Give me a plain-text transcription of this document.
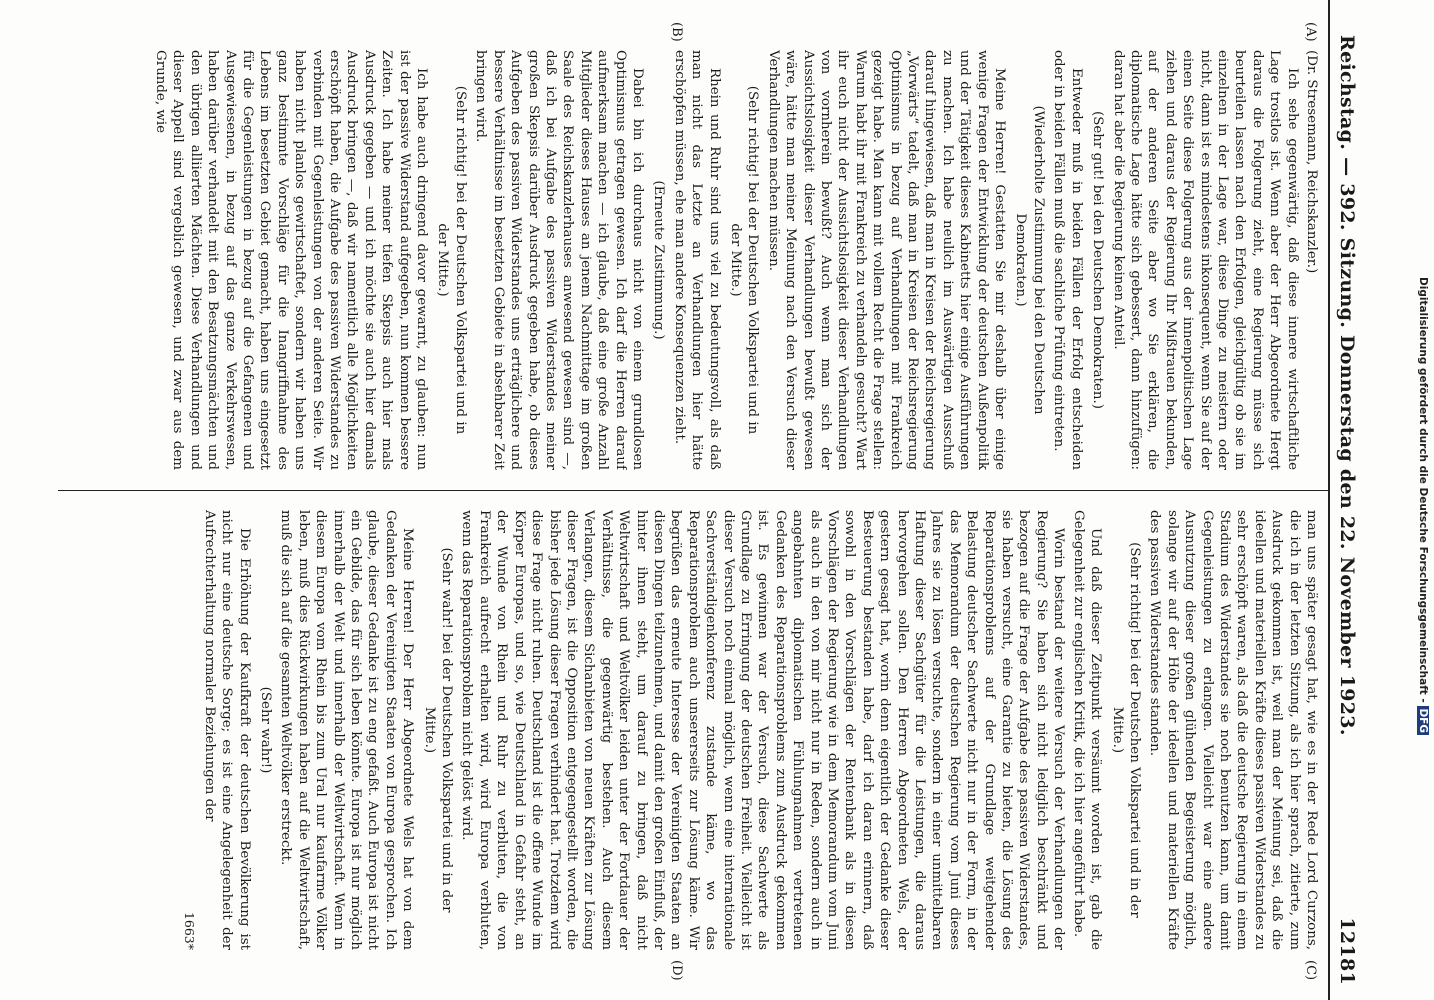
Reichstag. — 392. Sitzung. Donnerstag den 22. November 1923.
12181
(A)
(B)
(C)
(D)

(Dr. Stresemann, Reichskanzler.)

Ich sehe gegenwärtig, daß diese innere wirtschaftliche Lage trostlos ist. Wenn aber der Herr Abgeordnete Hergt daraus die Folgerung zieht, eine Regierung müsse sich beurteilen lassen nach den Erfolgen, gleichgültig ob sie im einzelnen in der Lage war, diese Dinge zu meistern oder nicht, dann ist es mindestens inkonsequent, wenn Sie auf der einen Seite diese Folgerung aus der innenpolitischen Lage ziehen und daraus der Regierung Ihr Mißtrauen bekunden, auf der anderen Seite aber wo Sie erklären, die diplomatische Lage hätte sich gebessert, dann hinzufügen: daran hat aber die Regierung keinen Anteil.

(Sehr gut! bei den Deutschen Demokraten.)

Entweder muß in beiden Fällen der Erfolg entscheiden oder in beiden Fällen muß die sachliche Prüfung eintreten.

(Wiederholte Zustimmung bei den Deutschen Demokraten.)

Meine Herren! Gestatten Sie mir deshalb über einige wenige Fragen der Entwicklung der deutschen Außenpolitik und der Tätigkeit dieses Kabinetts hier einige Ausführungen zu machen. Ich habe neulich im Auswärtigen Ausschuß darauf hingewiesen, daß man in Kreisen der Reichsregierung „Vorwärts“ tadelt, daß man in Kreisen der Reichsregierung Optimismus in bezug auf Verhandlungen mit Frankreich gezeigt habe. Man kann mit vollem Recht die Frage stellen: Warum habt ihr mit Frankreich zu verhandeln gesucht? Wart ihr euch nicht der Aussichtslosigkeit dieser Verhandlungen von vornherein bewußt? Auch wenn man sich der Aussichtslosigkeit dieser Verhandlungen bewußt gewesen wäre, hätte man meiner Meinung nach den Versuch dieser Verhandlungen machen müssen.

(Sehr richtig! bei der Deutschen Volkspartei und in der Mitte.)

Rhein und Ruhr sind uns viel zu bedeutungsvoll, als daß man nicht das Letzte an Verhandlungen hier hätte erschöpfen müssen, ehe man andere Konsequenzen zieht.

(Erneute Zustimmung.)

Dabei bin ich durchaus nicht von einem grundlosen Optimismus getragen gewesen. Ich darf die Herren darauf aufmerksam machen — ich glaube, daß eine große Anzahl Mitglieder dieses Hauses an jenem Nachmittage im großen Saale des Reichskanzlerhauses anwesend gewesen sind —, daß ich bei Aufgabe des passiven Widerstandes meiner großen Skepsis darüber Ausdruck gegeben habe, ob dieses Aufgeben des passiven Widerstandes uns erträglichere und bessere Verhältnisse im besetzten Gebiete in absehbarer Zeit bringen wird.

(Sehr richtig! bei der Deutschen Volkspartei und in der Mitte.)

Ich habe auch dringend davor gewarnt, zu glauben: nun ist der passive Widerstand aufgegeben, nun kommen bessere Zeiten. Ich habe meiner tiefen Skepsis auch hier mals Ausdruck gegeben — und ich möchte sie auch hier damals Ausdruck bringen —, daß wir namentlich alle Möglichkeiten erschöpft haben, die Aufgabe des passiven Widerstandes zu verbinden mit Gegenleistungen von der anderen Seite. Wir haben nicht planlos gewirtschaftet, sondern wir haben uns ganz bestimmte Vorschläge für die Inangriffnahme des Lebens im besetzten Gebiet gemacht, haben uns eingesetzt für die Gegenleistungen in bezug auf die Gefangenen und Ausgewiesenen, in bezug auf das ganze Verkehrswesen, haben darüber verhandelt mit den Besatzungsmächten und den übrigen alliierten Mächten. Diese Verhandlungen und dieser Appell sind vergeblich gewesen, und zwar aus dem Grunde, wie

man uns später gesagt hat, wie es in der Rede Lord Curzons, die ich in der letzten Sitzung, als ich hier sprach, zitierte, zum Ausdruck gekommen ist, weil man der Meinung sei, daß die ideellen und materiellen Kräfte dieses passiven Widerstandes zu sehr erschöpft waren, als daß die deutsche Regierung in einem Stadium des Widerstandes sie noch benutzen kann, um damit Gegenleistungen zu erlangen. Vielleicht war eine andere Ausnutzung dieser großen glühenden Begeisterung möglich, solange wir auf der Höhe der ideellen und materiellen Kräfte des passiven Widerstandes standen.

(Sehr richtig! bei der Deutschen Volkspartei und in der Mitte.)

Und daß dieser Zeitpunkt versäumt worden ist, gab die Gelegenheit zur englischen Kritik, die ich hier angeführt habe.

Worin bestand der weitere Versuch der Verhandlungen der Regierung? Sie haben sich nicht lediglich beschränkt und bezogen auf die Frage der Aufgabe des passiven Widerstandes, sie haben versucht, eine Garantie zu bieten, die Lösung des Reparationsproblems auf der Grundlage weitgehender Belastung deutscher Sachwerte nicht nur in der Form, in der das Memorandum der deutschen Regierung vom Juni dieses Jahres sie zu lösen versuchte, sondern in einer unmittelbaren Haftung dieser Sachgüter für die Leistungen, die daraus hervorgehen sollen. Den Herren Abgeordneten Wels, der gestern gesagt hat, worin denn eigentlich der Gedanke dieser Besteuerung bestanden habe, darf ich daran erinnern, daß sowohl in den Vorschlägen der Rentenbank als in diesen Vorschlägen der Regierung wie in dem Memorandum vom Juni als auch in den von mir nicht nur in Reden, sondern auch in angebahnten diplomatischen Fühlungnahmen vertretenen Gedanken des Reparationsproblems zum Ausdruck gekommen ist. Es gewinnen war der Versuch, diese Sachwerte als Grundlage zu Erringung der deutschen Freiheit. Vielleicht ist dieser Versuch noch einmal möglich, wenn eine internationale Sachverständigenkonferenz zustande käme, wo das Reparationsproblem auch unsererseits zur Lösung käme. Wir begrüßen das erneute Interesse der Vereinigten Staaten an diesen Dingen teilzunehmen, und damit den großen Einfluß, der hinter ihnen steht, um darauf zu bringen, daß nicht Weltwirtschaft und Weltvölker leiden unter der Fortdauer der Verhältnisse, die gegenwärtig bestehen. Auch diesem Verlangen, diesem Sichanbieten von neuen Kräften zur Lösung dieser Fragen, ist die Opposition entgegengestellt worden, die bisher jede Lösung dieser Fragen verhindert hat. Trotzdem wird diese Frage nicht ruhen. Deutschland ist die offene Wunde im Körper Europas, und so, wie Deutschland in Gefahr steht, an der Wunde von Rhein und Ruhr zu verbluten, die von Frankreich aufrecht erhalten wird, wird Europa verbluten, wenn das Reparationsproblem nicht gelöst wird.

(Sehr wahr! bei der Deutschen Volkspartei und in der Mitte.)

Meine Herren! Der Herr Abgeordnete Wels hat von dem Gedanken der Vereinigten Staaten von Europa gesprochen. Ich glaube, dieser Gedanke ist zu eng gefaßt. Auch Europa ist nicht ein Gebilde, das für sich leben könnte. Europa ist nur möglich innerhalb der Welt und innerhalb der Weltwirtschaft. Wenn in diesem Europa vom Rhein bis zum Ural nur kaufarme Völker leben, muß dies Rückwirkungen haben auf die Weltwirtschaft, muß die sich auf die gesamten Weltvölker erstreckt.

(Sehr wahr!)

Die Erhöhung der Kaufkraft der deutschen Bevölkerung ist nicht nur eine deutsche Sorge; es ist eine Angelegenheit der Aufrechterhaltung normaler Beziehungen der

1663*

Digitalisierung gefördert durch die Deutsche Forschungsgemeinschaft - DFG
